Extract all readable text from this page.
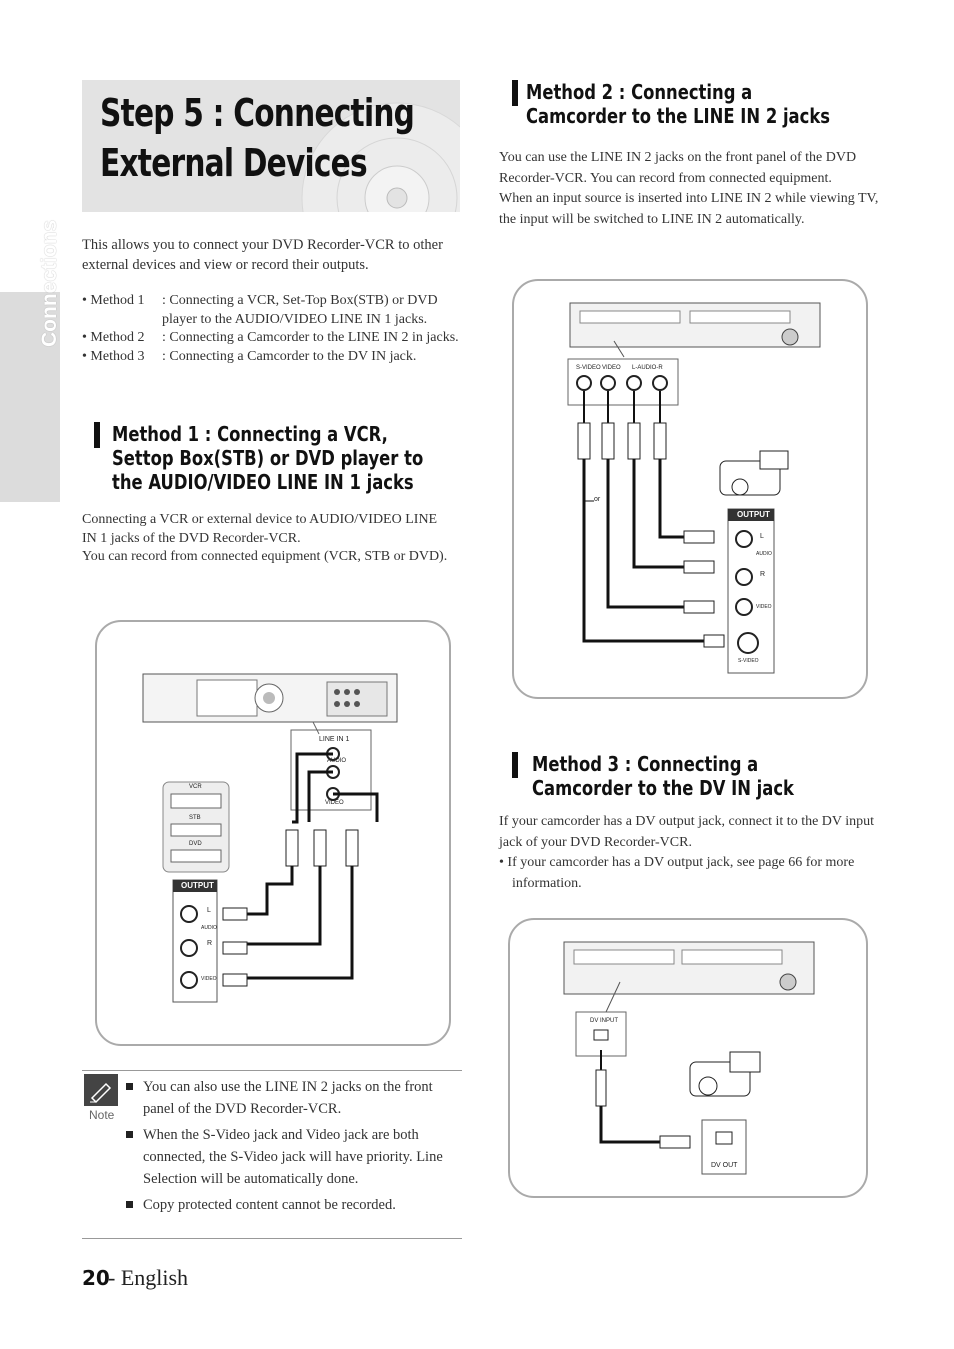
Connections
Step 5 : Connecting
External Devices
This allows you to connect your DVD Recorder-VCR to other external devices and view or record their outputs.
• Method 1	: Connecting a VCR, Set-Top Box(STB) or DVD player to the AUDIO/VIDEO LINE IN 1 jacks.
• Method 2	: Connecting a Camcorder to the LINE IN 2 in jacks.
• Method 3	: Connecting a Camcorder to the DV IN jack.
Method 1 : Connecting a VCR,
Settop Box(STB) or DVD player to
the AUDIO/VIDEO LINE IN 1 jacks
Connecting a VCR or external device to AUDIO/VIDEO LINE IN 1 jacks of the DVD Recorder-VCR.
You can record from connected equipment (VCR, STB or DVD).
LINE IN 1
AUDIO
VIDEO
VCR
STB
DVD
OUTPUT
L
AUDIO
R
VIDEO
Note
You can also use the LINE IN 2 jacks on the front panel of the DVD Recorder-VCR.
When the S-Video jack and Video jack are both connected, the S-Video jack will have priority. Line Selection will be automatically done.
Copy protected content cannot be recorded.
Method 2 : Connecting a
Camcorder to the LINE IN 2 jacks
You can use the LINE IN 2 jacks on the front panel of the DVD Recorder-VCR. You can record from connected equipment.
When an input source is inserted into LINE IN 2 while viewing TV, the input will be switched to LINE IN 2 automatically.
S-VIDEO VIDEO L-AUDIO-R
or
OUTPUT
L
AUDIO
R
VIDEO
S-VIDEO
Method 3 : Connecting a
Camcorder to the DV IN jack
If your camcorder has a DV output jack, connect it to the DV input jack of your DVD Recorder-VCR.
• If your camcorder has a DV output jack, see page 66 for more information.
DV INPUT
DV OUT
20
- English
